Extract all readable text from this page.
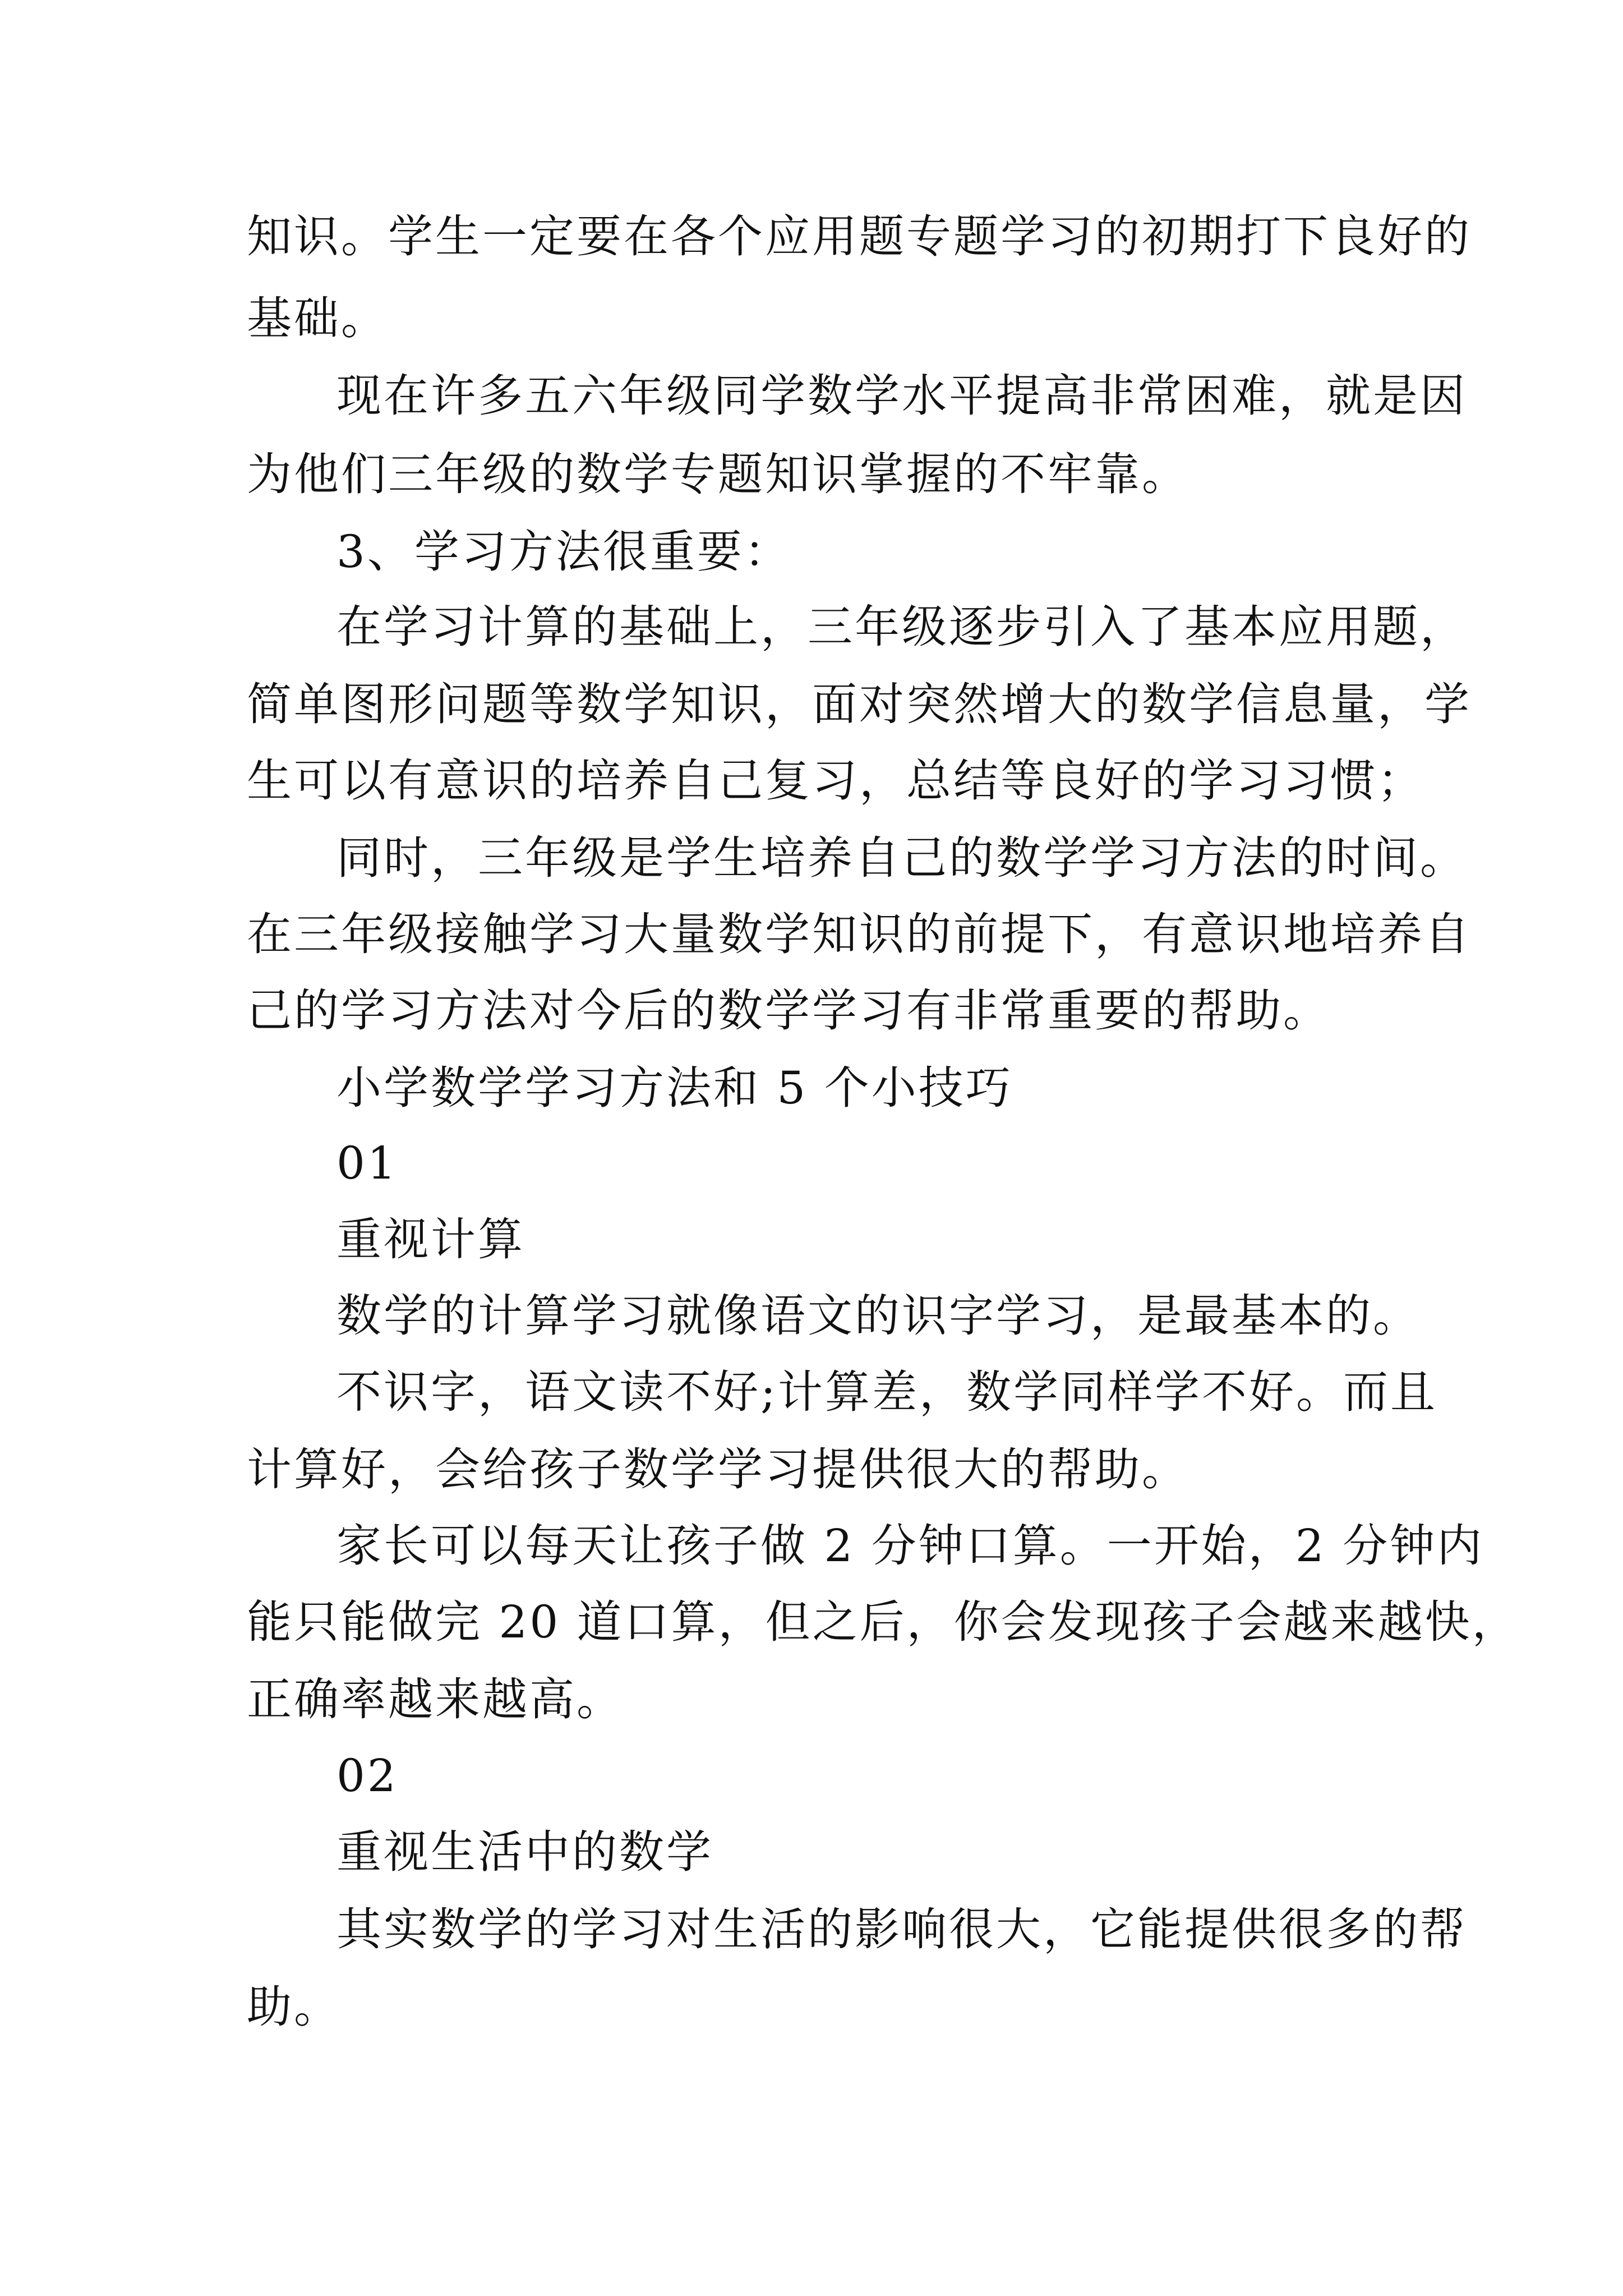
知识。学生一定要在各个应用题专题学习的初期打下良好的
基础。
现在许多五六年级同学数学水平提高非常困难，就是因
为他们三年级的数学专题知识掌握的不牢靠。
3、学习方法很重要：
在学习计算的基础上，三年级逐步引入了基本应用题，
简单图形问题等数学知识，面对突然增大的数学信息量，学
生可以有意识的培养自己复习，总结等良好的学习习惯；
同时，三年级是学生培养自己的数学学习方法的时间。
在三年级接触学习大量数学知识的前提下，有意识地培养自
己的学习方法对今后的数学学习有非常重要的帮助。
小学数学学习方法和 5 个小技巧
01
重视计算
数学的计算学习就像语文的识字学习，是最基本的。
不识字，语文读不好;计算差，数学同样学不好。而且
计算好，会给孩子数学学习提供很大的帮助。
家长可以每天让孩子做 2 分钟口算。一开始，2 分钟内
能只能做完 20 道口算，但之后，你会发现孩子会越来越快，
正确率越来越高。
02
重视生活中的数学
其实数学的学习对生活的影响很大，它能提供很多的帮
助。
